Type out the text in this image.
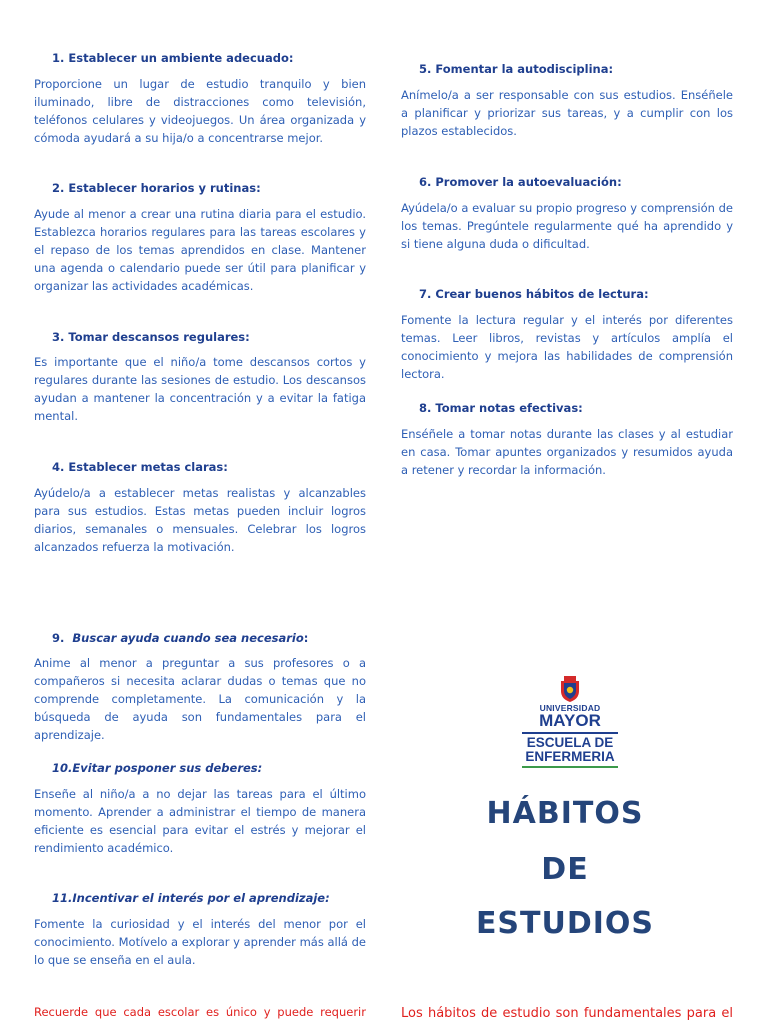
1. Establecer un ambiente adecuado:

Proporcione un lugar de estudio tranquilo y bien iluminado, libre de distracciones como televisión, teléfonos celulares y videojuegos. Un área organizada y cómoda ayudará a su hija/o a concentrarse mejor.

2. Establecer horarios y rutinas:

Ayude al menor a crear una rutina diaria para el estudio. Establezca horarios regulares para las tareas escolares y el repaso de los temas aprendidos en clase. Mantener una agenda o calendario puede ser útil para planificar y organizar las actividades académicas.

3. Tomar descansos regulares:

Es importante que el niño/a tome descansos cortos y regulares durante las sesiones de estudio. Los descansos ayudan a mantener la concentración y a evitar la fatiga mental.

4. Establecer metas claras:

Ayúdelo/a a establecer metas realistas y alcanzables para sus estudios. Estas metas pueden incluir logros diarios, semanales o mensuales. Celebrar los logros alcanzados refuerza la motivación.

9. Buscar ayuda cuando sea necesario:

Anime al menor a preguntar a sus profesores o a compañeros si necesita aclarar dudas o temas que no comprende completamente. La comunicación y la búsqueda de ayuda son fundamentales para el aprendizaje.

10.Evitar posponer sus deberes:

Enseñe al niño/a a no dejar las tareas para el último momento. Aprender a administrar el tiempo de manera eficiente es esencial para evitar el estrés y mejorar el rendimiento académico.

11.Incentivar el interés por el aprendizaje:

Fomente la curiosidad y el interés del menor por el conocimiento. Motívelo a explorar y aprender más allá de lo que se enseña en el aula.

Recuerde que cada escolar es único y puede requerir

5. Fomentar la autodisciplina:

Anímelo/a a ser responsable con sus estudios. Enséñele a planificar y priorizar sus tareas, y a cumplir con los plazos establecidos.

6. Promover la autoevaluación:

Ayúdela/o a evaluar su propio progreso y comprensión de los temas. Pregúntele regularmente qué ha aprendido y si tiene alguna duda o dificultad.

7. Crear buenos hábitos de lectura:

Fomente la lectura regular y el interés por diferentes temas. Leer libros, revistas y artículos amplía el conocimiento y mejora las habilidades de comprensión lectora.

8. Tomar notas efectivas:

Enséñele a tomar notas durante las clases y al estudiar en casa. Tomar apuntes organizados y resumidos ayuda a retener y recordar la información.

UNIVERSIDAD
MAYOR
ESCUELA DE
ENFERMERIA
HÁBITOS
DE
ESTUDIOS

Los hábitos de estudio son fundamentales para el
